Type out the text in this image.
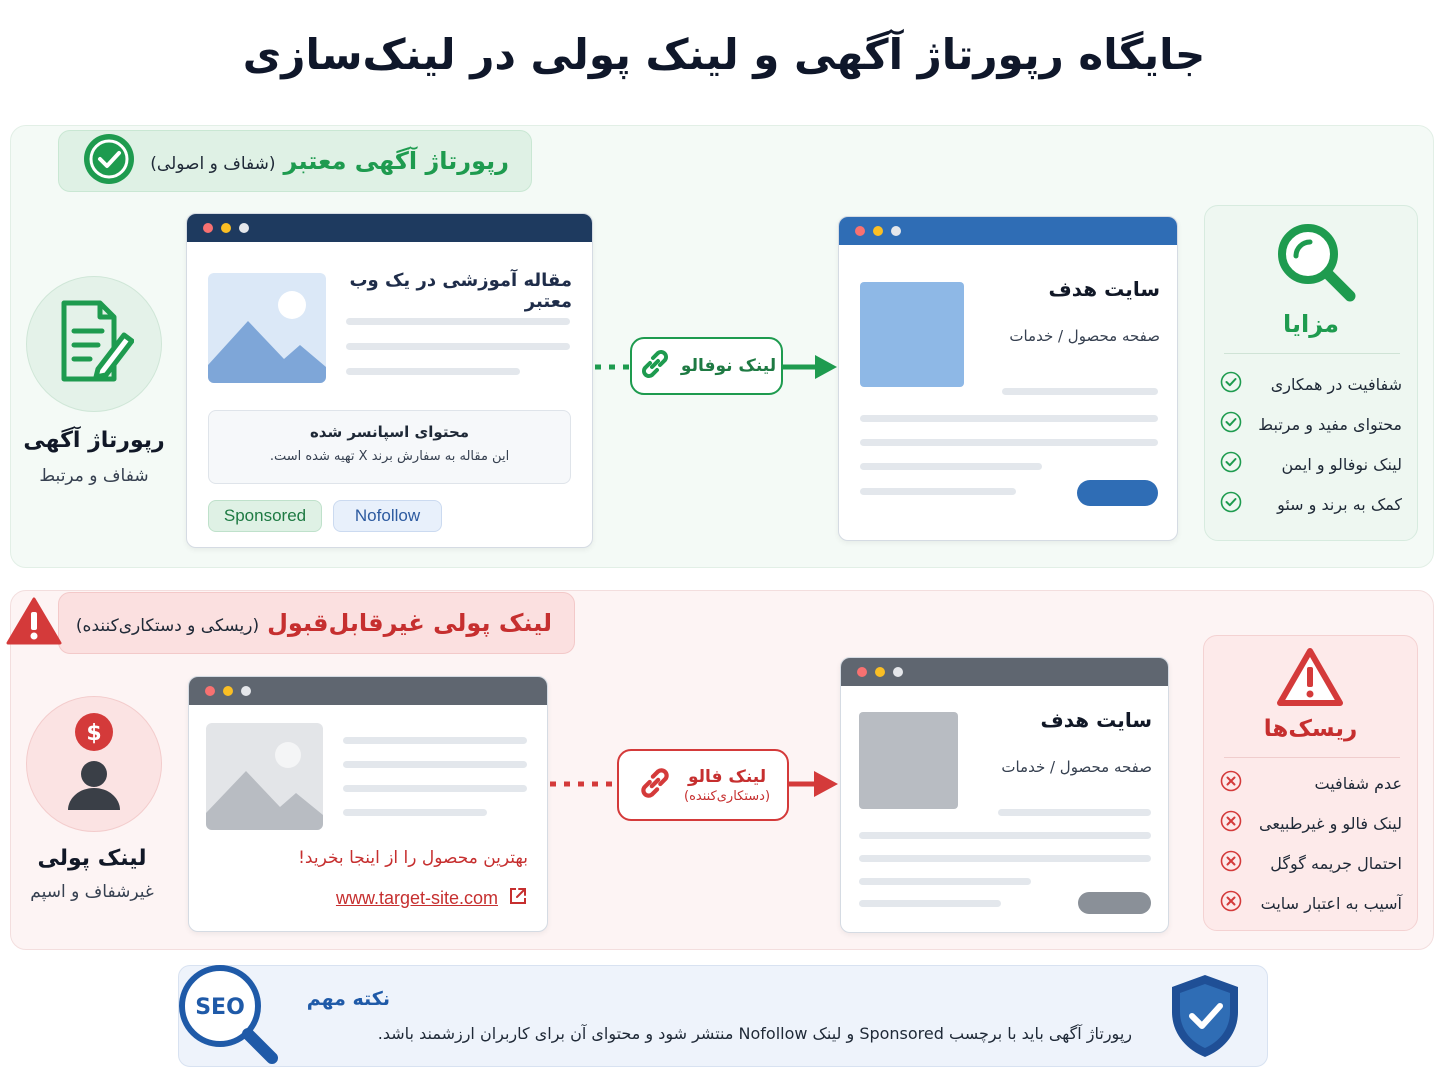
جایگاه رپورتاژ آگهی و لینک پولی در لینک‌سازی
رپورتاژ آگهی معتبر
(شفاف و اصولی)
رپورتاژ آگهی
شفاف و مرتبط
مقاله آموزشی در یک وب معتبر
محتوای اسپانسر شده
این مقاله به سفارش برند X تهیه شده است.
Sponsored	Nofollow
لینک نوفالو
سایت هدف
صفحه محصول / خدمات	مزایا
شفافیت در همکاری
محتوای مفید و مرتبط
لینک نوفالو و ایمن
کمک به برند و سئو
لینک پولی غیرقابل‌قبول
(ریسکی و دستکاری‌کننده)
$
لینک پولی
غیرشفاف و اسپم
بهترین محصول را از اینجا بخرید!
www.target-site.com
لینک فالو
(دستکاری‌کننده)
سایت هدف
صفحه محصول / خدمات
ریسک‌ها
عدم شفافیت
لینک فالو و غیرطبیعی
احتمال جریمه گوگل
آسیب به اعتبار سایت
SEO	نکته مهم
رپورتاژ آگهی باید با برچسب Sponsored و لینک Nofollow منتشر شود و محتوای آن برای کاربران ارزشمند باشد.
